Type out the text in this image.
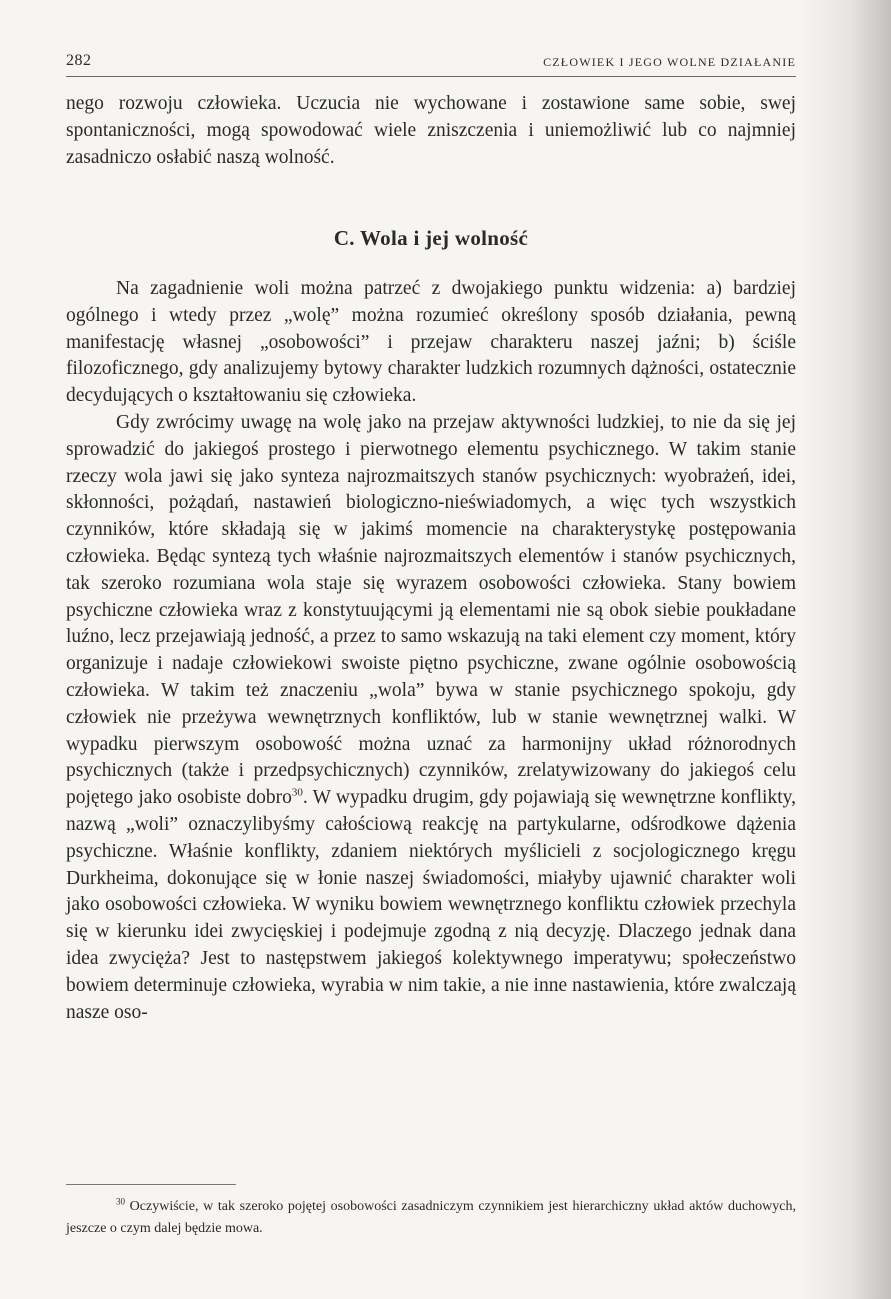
282	CZŁOWIEK I JEGO WOLNE DZIAŁANIE

nego rozwoju człowieka. Uczucia nie wychowane i zostawione same sobie, swej spontaniczności, mogą spowodować wiele zniszczenia i uniemożliwić lub co najmniej zasadniczo osłabić naszą wolność.

C. Wola i jej wolność

Na zagadnienie woli można patrzeć z dwojakiego punktu widzenia: a) bardziej ogólnego i wtedy przez „wolę” można rozumieć określony sposób działania, pewną manifestację własnej „osobowości” i przejaw charakteru naszej jaźni; b) ściśle filozoficznego, gdy analizujemy bytowy charakter ludzkich rozumnych dążności, ostatecznie decydujących o kształtowaniu się człowieka.

Gdy zwrócimy uwagę na wolę jako na przejaw aktywności ludzkiej, to nie da się jej sprowadzić do jakiegoś prostego i pierwotnego elementu psychicznego. W takim stanie rzeczy wola jawi się jako synteza najrozmaitszych stanów psychicznych: wyobrażeń, idei, skłonności, pożądań, nastawień biologiczno-nieświadomych, a więc tych wszystkich czynników, które składają się w jakimś momencie na charakterystykę postępowania człowieka. Będąc syntezą tych właśnie najrozmaitszych elementów i stanów psychicznych, tak szeroko rozumiana wola staje się wyrazem osobowości człowieka. Stany bowiem psychiczne człowieka wraz z konstytuującymi ją elementami nie są obok siebie poukładane luźno, lecz przejawiają jedność, a przez to samo wskazują na taki element czy moment, który organizuje i nadaje człowiekowi swoiste piętno psychiczne, zwane ogólnie osobowością człowieka. W takim też znaczeniu „wola” bywa w stanie psychicznego spokoju, gdy człowiek nie przeżywa wewnętrznych konfliktów, lub w stanie wewnętrznej walki. W wypadku pierwszym osobowość można uznać za harmonijny układ różnorodnych psychicznych (także i przedpsychicznych) czynników, zrelatywizowany do jakiegoś celu pojętego jako osobiste dobro$^{30}$. W wypadku drugim, gdy pojawiają się wewnętrzne konflikty, nazwą „woli” oznaczylibyśmy całościową reakcję na partykularne, odśrodkowe dążenia psychiczne. Właśnie konflikty, zdaniem niektórych myślicieli z socjologicznego kręgu Durkheima, dokonujące się w łonie naszej świadomości, miałyby ujawnić charakter woli jako osobowości człowieka. W wyniku bowiem wewnętrznego konfliktu człowiek przechyla się w kierunku idei zwycięskiej i podejmuje zgodną z nią decyzję. Dlaczego jednak dana idea zwycięża? Jest to następstwem jakiegoś kolektywnego imperatywu; społeczeństwo bowiem determinuje człowieka, wyrabia w nim takie, a nie inne nastawienia, które zwalczają nasze oso-

$^{30}$ Oczywiście, w tak szeroko pojętej osobowości zasadniczym czynnikiem jest hierarchiczny układ aktów duchowych, jeszcze o czym dalej będzie mowa.
